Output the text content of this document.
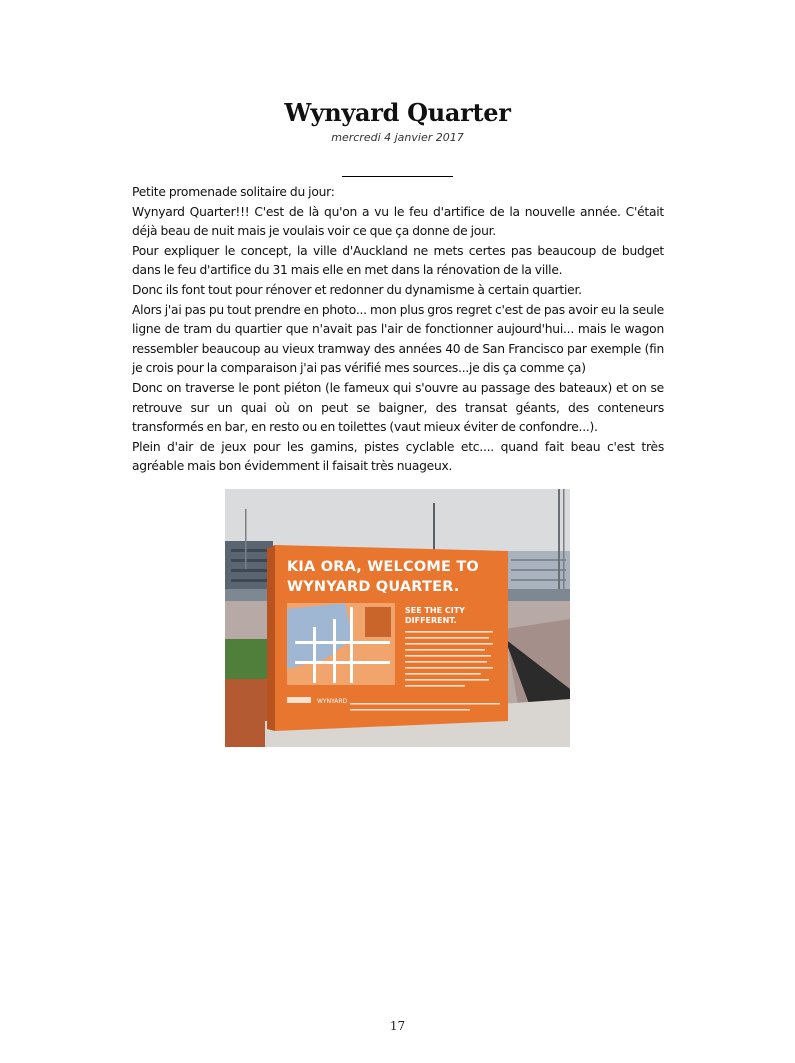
Wynyard Quarter
mercredi 4 janvier 2017

Petite promenade solitaire du jour:

Wynyard Quarter!!! C'est de là qu'on a vu le feu d'artifice de la nouvelle année. C'était déjà beau de nuit mais je voulais voir ce que ça donne de jour.

Pour expliquer le concept, la ville d'Auckland ne mets certes pas beaucoup de budget dans le feu d'artifice du 31 mais elle en met dans la rénovation de la ville.

Donc ils font tout pour rénover et redonner du dynamisme à certain quartier.

Alors j'ai pas pu tout prendre en photo... mon plus gros regret c'est de pas avoir eu la seule ligne de tram du quartier que n'avait pas l'air de fonctionner aujourd'hui... mais le wagon ressembler beaucoup au vieux tramway des années 40 de San Francisco par exemple (fin je crois pour la comparaison j'ai pas vérifié mes sources...je dis ça comme ça)

Donc on traverse le pont piéton (le fameux qui s'ouvre au passage des bateaux) et on se retrouve sur un quai où on peut se baigner, des transat géants, des conteneurs transformés en bar, en resto ou en toilettes (vaut mieux éviter de confondre...).

Plein d'air de jeux pour les gamins, pistes cyclable etc.... quand fait beau c'est très agréable mais bon évidemment il faisait très nuageux.

KIA ORA, WELCOME TO
WYNYARD QUARTER.
SEE THE CITY
DIFFERENT.
WYNYARD
17
